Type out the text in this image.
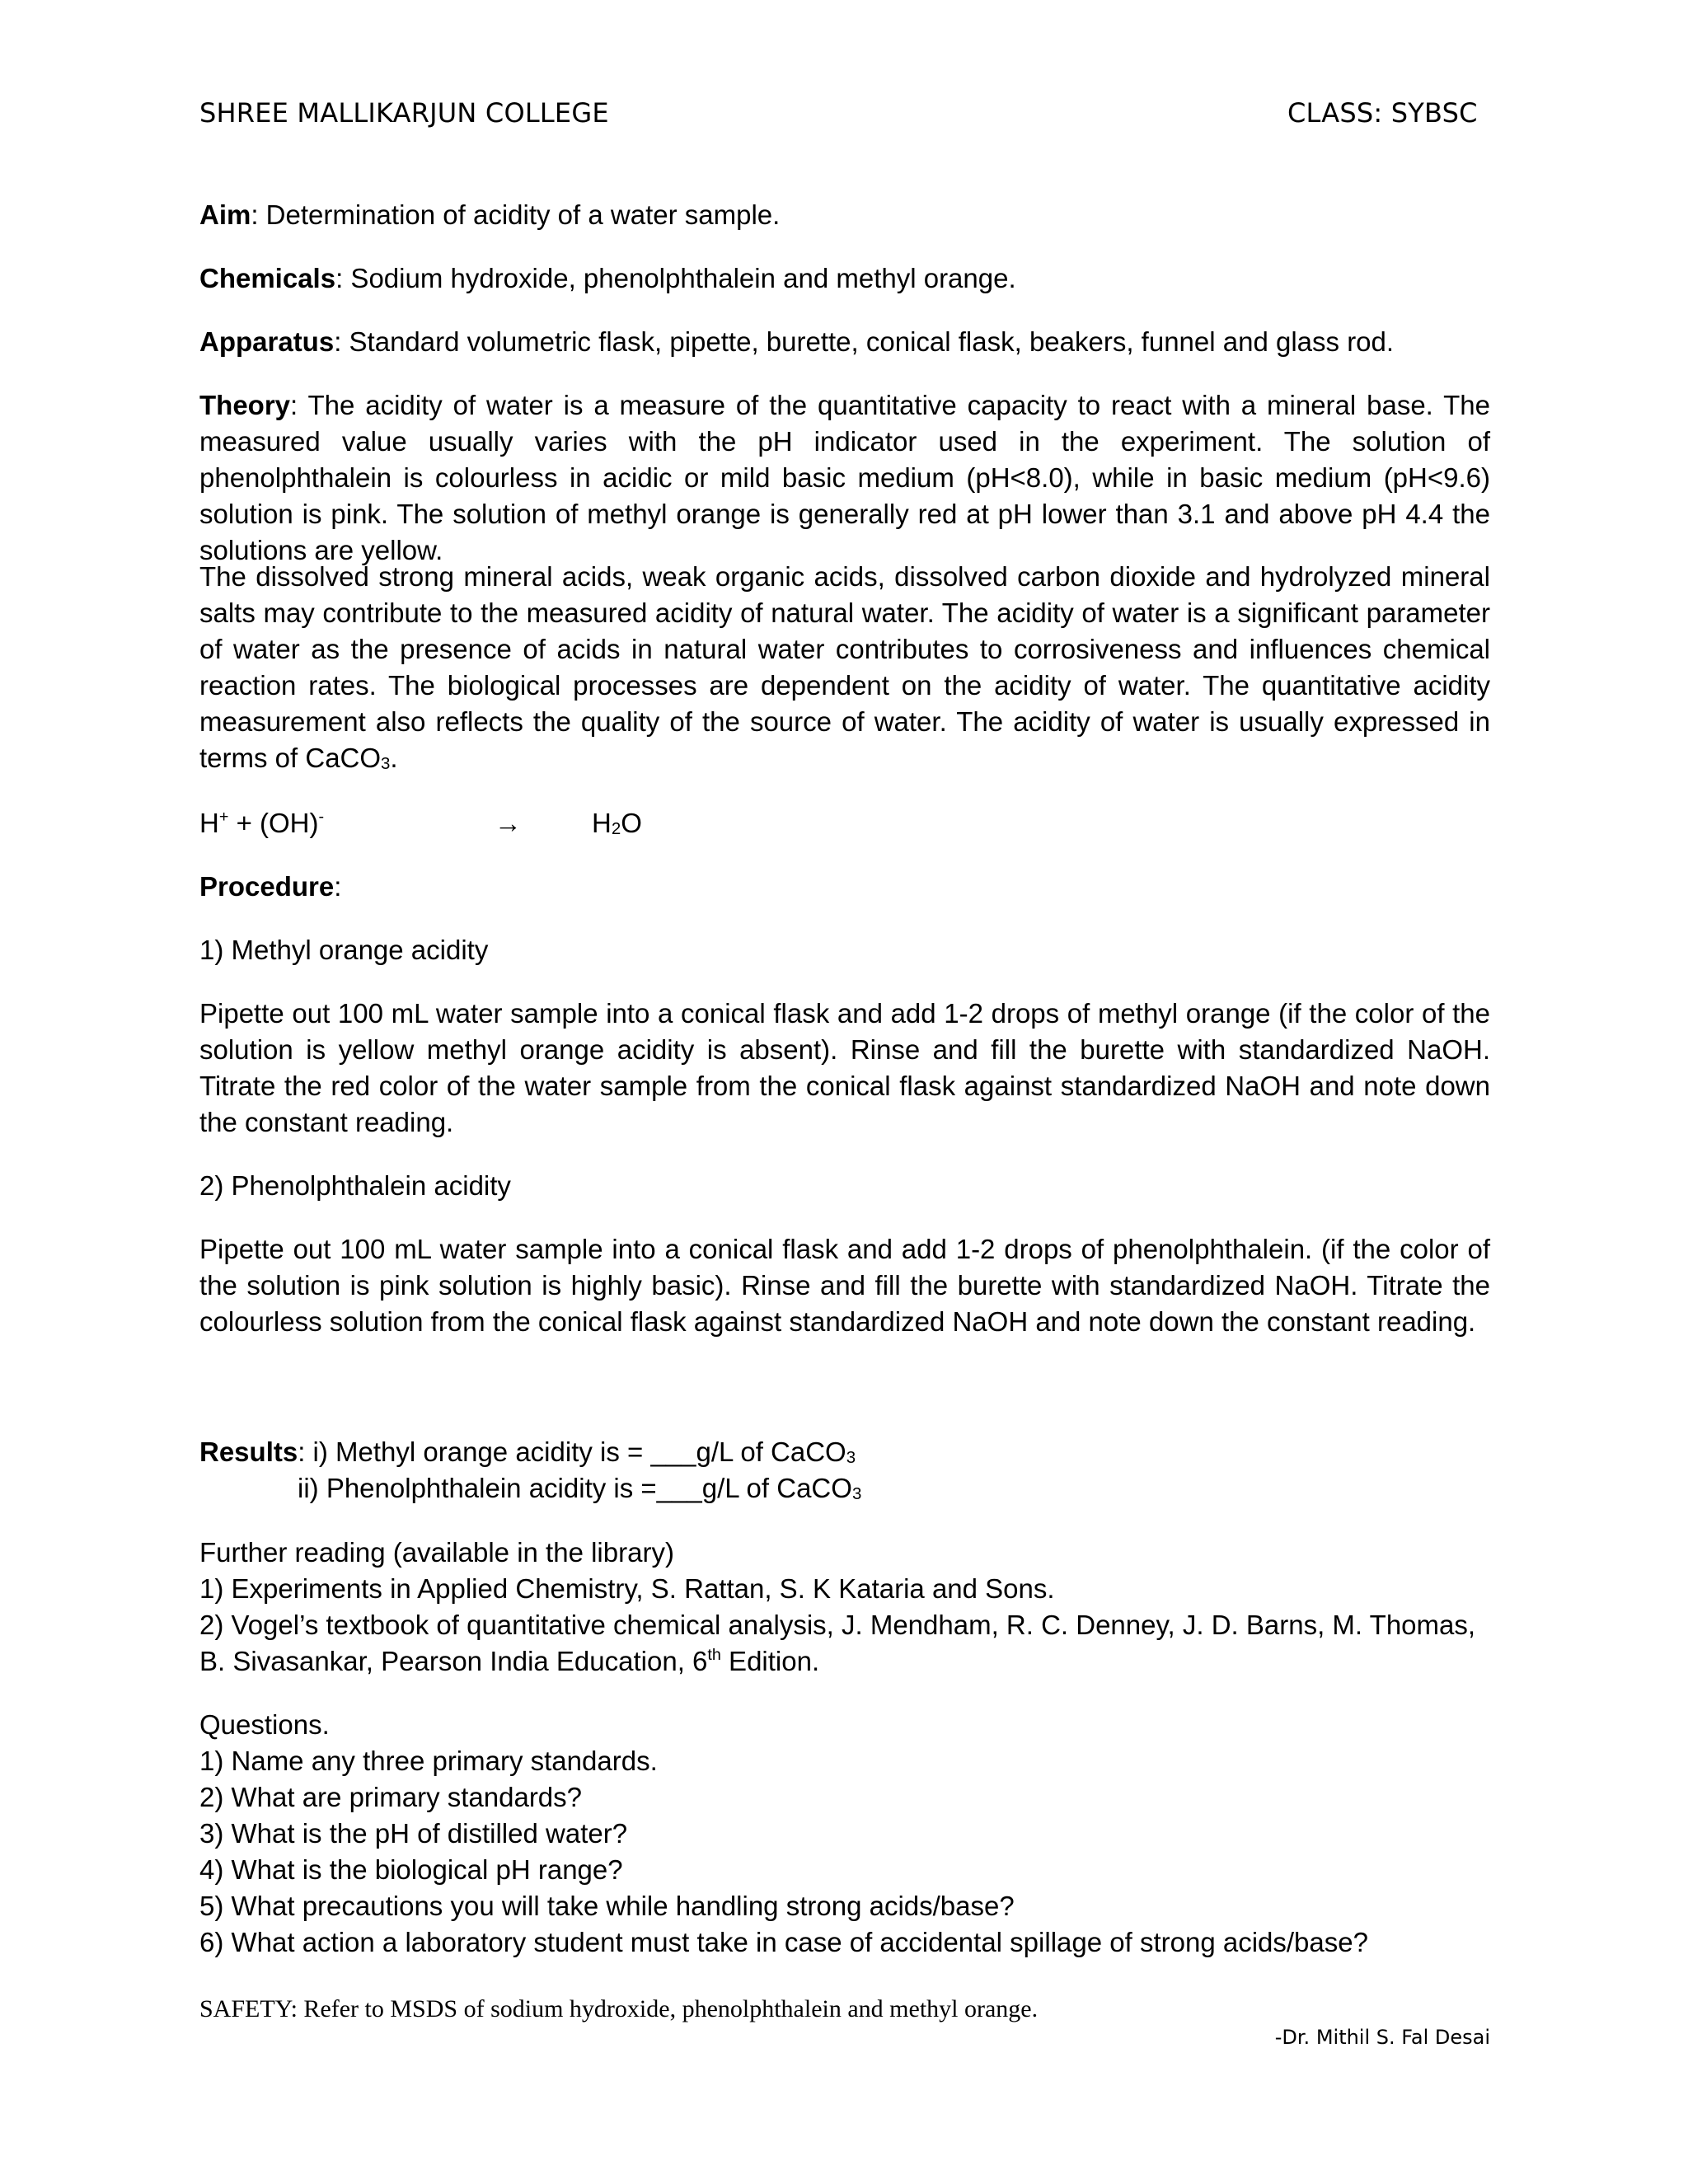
SHREE MALLIKARJUN COLLEGE	CLASS: SYBSC
Aim: Determination of acidity of a water sample.
Chemicals: Sodium hydroxide, phenolphthalein and methyl orange.
Apparatus: Standard volumetric flask, pipette, burette, conical flask, beakers, funnel and glass rod.
Theory: The acidity of water is a measure of the quantitative capacity to react with a mineral base. The measured value usually varies with the pH indicator used in the experiment. The solution of phenolphthalein is colourless in acidic or mild basic medium (pH<8.0), while in basic medium (pH<9.6) solution is pink. The solution of methyl orange is generally red at pH lower than 3.1 and above pH 4.4 the solutions are yellow.
The dissolved strong mineral acids, weak organic acids, dissolved carbon dioxide and hydrolyzed mineral salts may contribute to the measured acidity of natural water. The acidity of water is a significant parameter of water as the presence of acids in natural water contributes to corrosiveness and influences chemical reaction rates. The biological processes are dependent on the acidity of water. The quantitative acidity measurement also reflects the quality of the source of water. The acidity of water is usually expressed in terms of CaCO$_3$.
H+ + (OH)-	→	$H_2O$
Procedure:
1) Methyl orange acidity
Pipette out 100 mL water sample into a conical flask and add 1-2 drops of methyl orange (if the color of the solution is yellow methyl orange acidity is absent). Rinse and fill the burette with standardized NaOH. Titrate the red color of the water sample from the conical flask against standardized NaOH and note down the constant reading.
2) Phenolphthalein acidity
Pipette out 100 mL water sample into a conical flask and add 1-2 drops of phenolphthalein. (if the color of the solution is pink solution is highly basic). Rinse and fill the burette with standardized NaOH. Titrate the colourless solution from the conical flask against standardized NaOH and note down the constant reading.
Results: i) Methyl orange acidity is = ___g/L of CaCO$_3$
ii) Phenolphthalein acidity is =___g/L of CaCO$_3$
Further reading (available in the library)
1) Experiments in Applied Chemistry, S. Rattan, S. K Kataria and Sons.
2) Vogel’s textbook of quantitative chemical analysis, J. Mendham, R. C. Denney, J. D. Barns, M. Thomas,
B. Sivasankar, Pearson India Education, 6th Edition.
Questions.
1) Name any three primary standards.
2) What are primary standards?
3) What is the pH of distilled water?
4) What is the biological pH range?
5) What precautions you will take while handling strong acids/base?
6) What action a laboratory student must take in case of accidental spillage of strong acids/base?
SAFETY: Refer to MSDS of sodium hydroxide, phenolphthalein and methyl orange.
-Dr. Mithil S. Fal Desai
